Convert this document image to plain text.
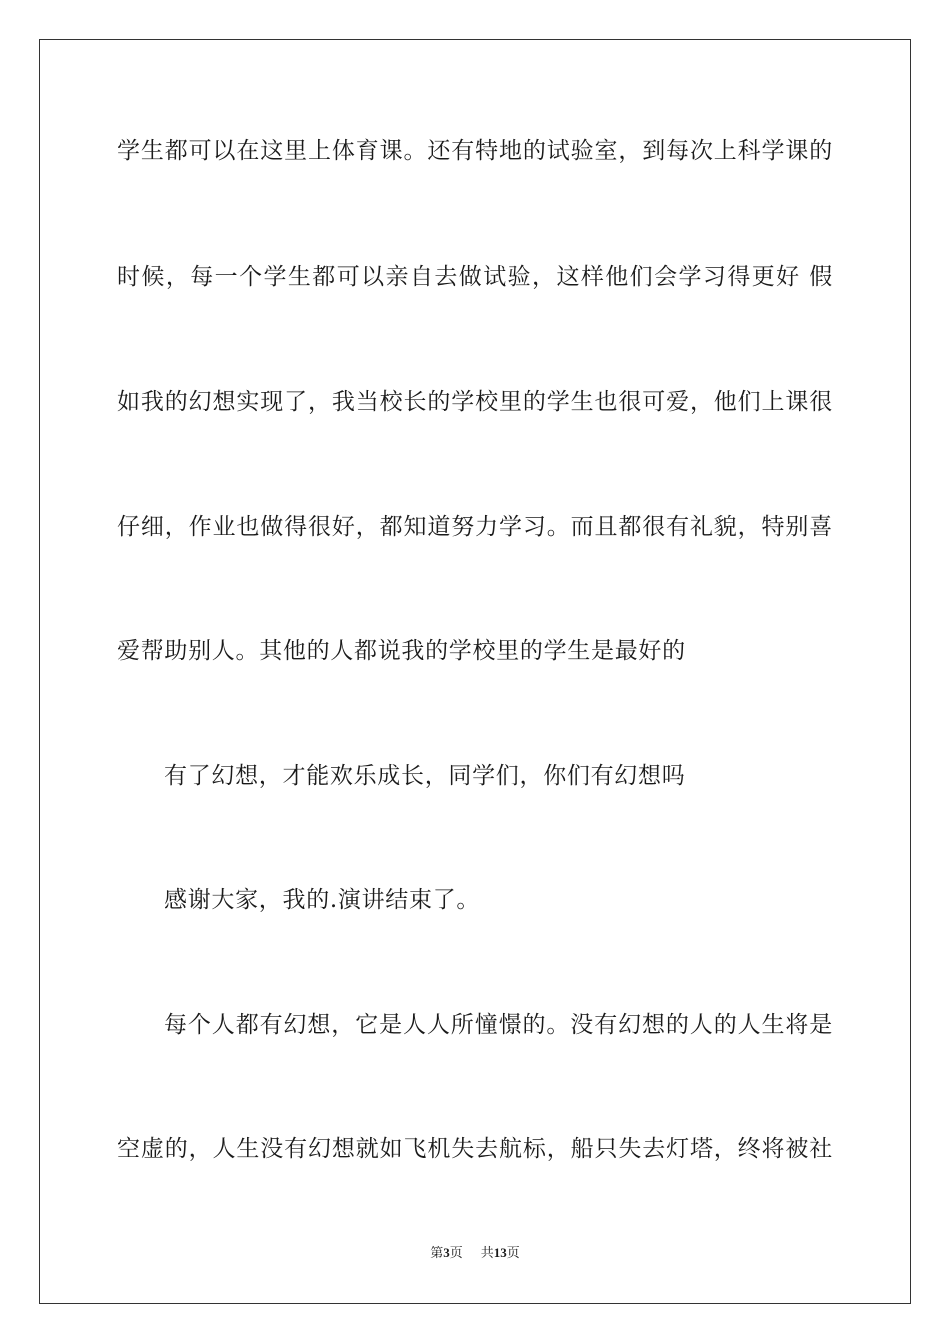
学生都可以在这里上体育课。还有特地的试验室，到每次上科学课的
时候，每一个学生都可以亲自去做试验，这样他们会学习得更好 假
如我的幻想实现了，我当校长的学校里的学生也很可爱，他们上课很
仔细，作业也做得很好，都知道努力学习。而且都很有礼貌，特别喜
爱帮助别人。其他的人都说我的学校里的学生是最好的
有了幻想，才能欢乐成长，同学们，你们有幻想吗
感谢大家，我的.演讲结束了。
每个人都有幻想，它是人人所憧憬的。没有幻想的人的人生将是
空虚的，人生没有幻想就如飞机失去航标，船只失去灯塔，终将被社
第3页 共13页
